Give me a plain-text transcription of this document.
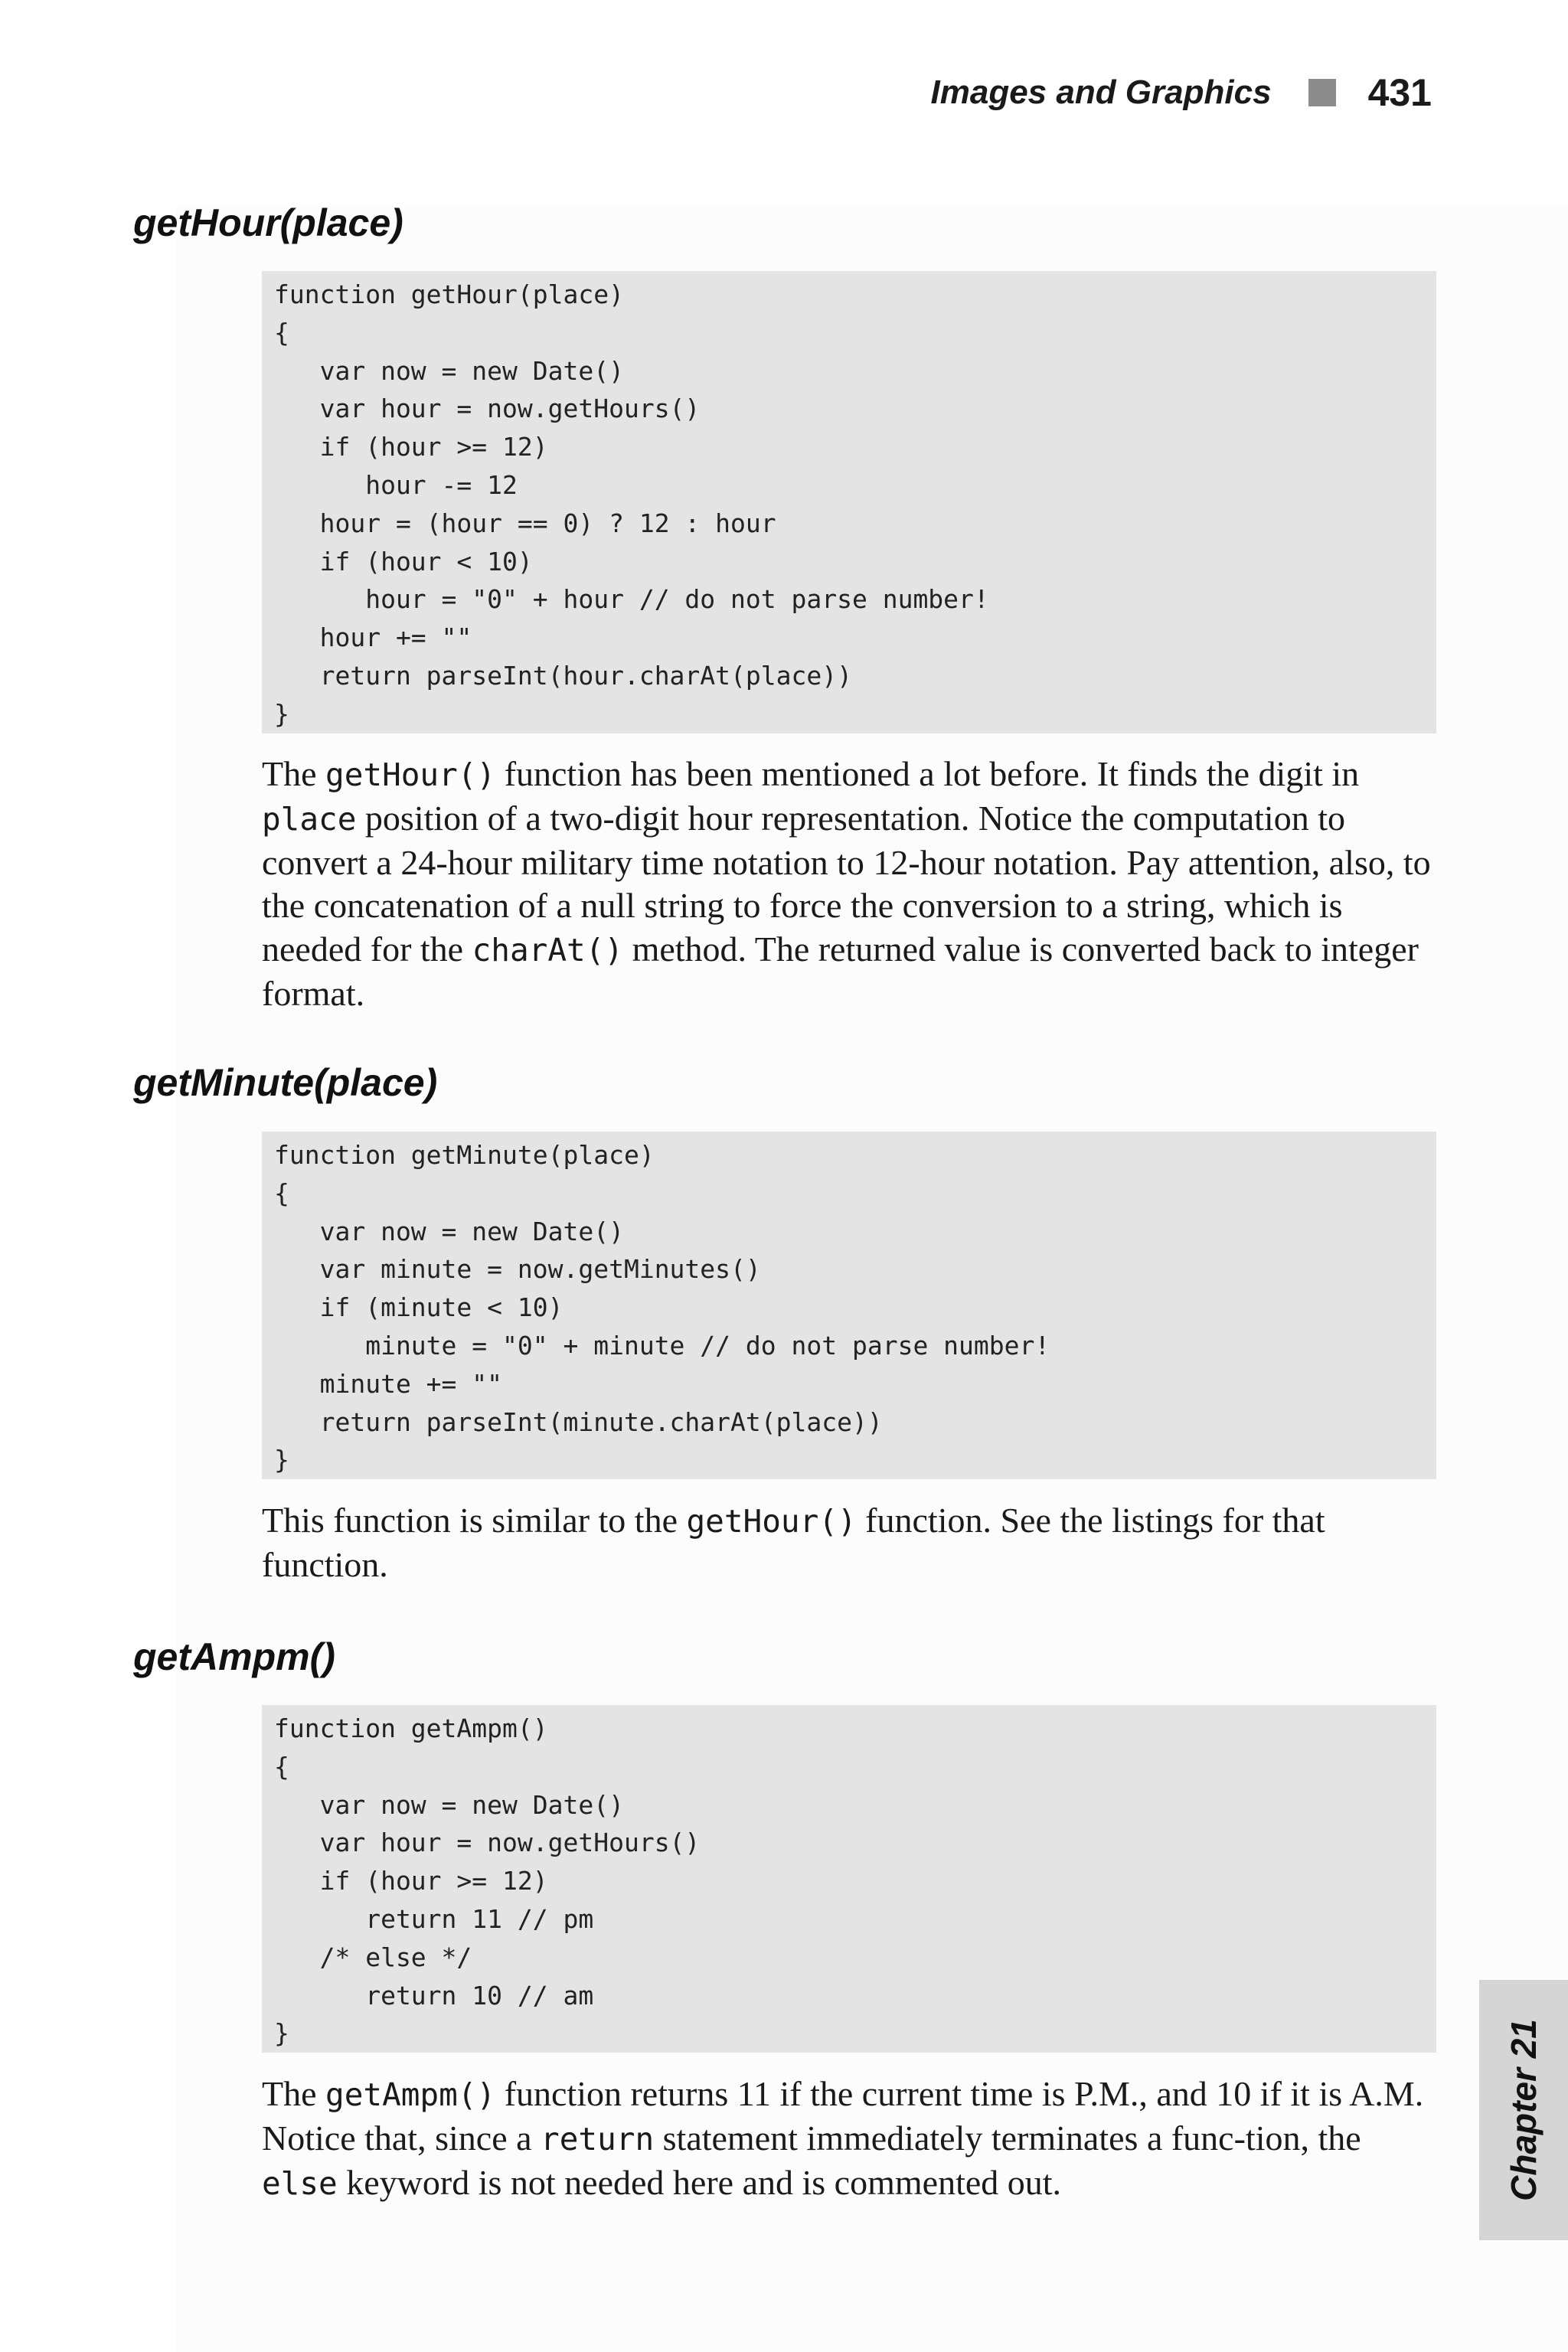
Images and Graphics	431
getHour(place)
function getHour(place)
{
var now = new Date()
var hour = now.getHours()
if (hour >= 12)
hour -= 12
hour = (hour == 0) ? 12 : hour
if (hour < 10)
hour = "0" + hour // do not parse number!
hour += ""
return parseInt(hour.charAt(place))
}

The getHour() function has been mentioned a lot before. It finds the digit in place position of a two-digit hour representation. Notice the computation to convert a 24-hour military time notation to 12-hour notation. Pay attention, also, to the concatenation of a null string to force the conversion to a string, which is needed for the charAt() method. The returned value is converted back to integer format.

getMinute(place)
function getMinute(place)
{
var now = new Date()
var minute = now.getMinutes()
if (minute < 10)
minute = "0" + minute // do not parse number!
minute += ""
return parseInt(minute.charAt(place))
}

This function is similar to the getHour() function. See the listings for that function.

getAmpm()
function getAmpm()
{
var now = new Date()
var hour = now.getHours()
if (hour >= 12)
return 11 // pm
/* else */
return 10 // am
}

The getAmpm() function returns 11 if the current time is P.M., and 10 if it is A.M. Notice that, since a return statement immediately terminates a func-tion, the else keyword is not needed here and is commented out.	Chapter 21
